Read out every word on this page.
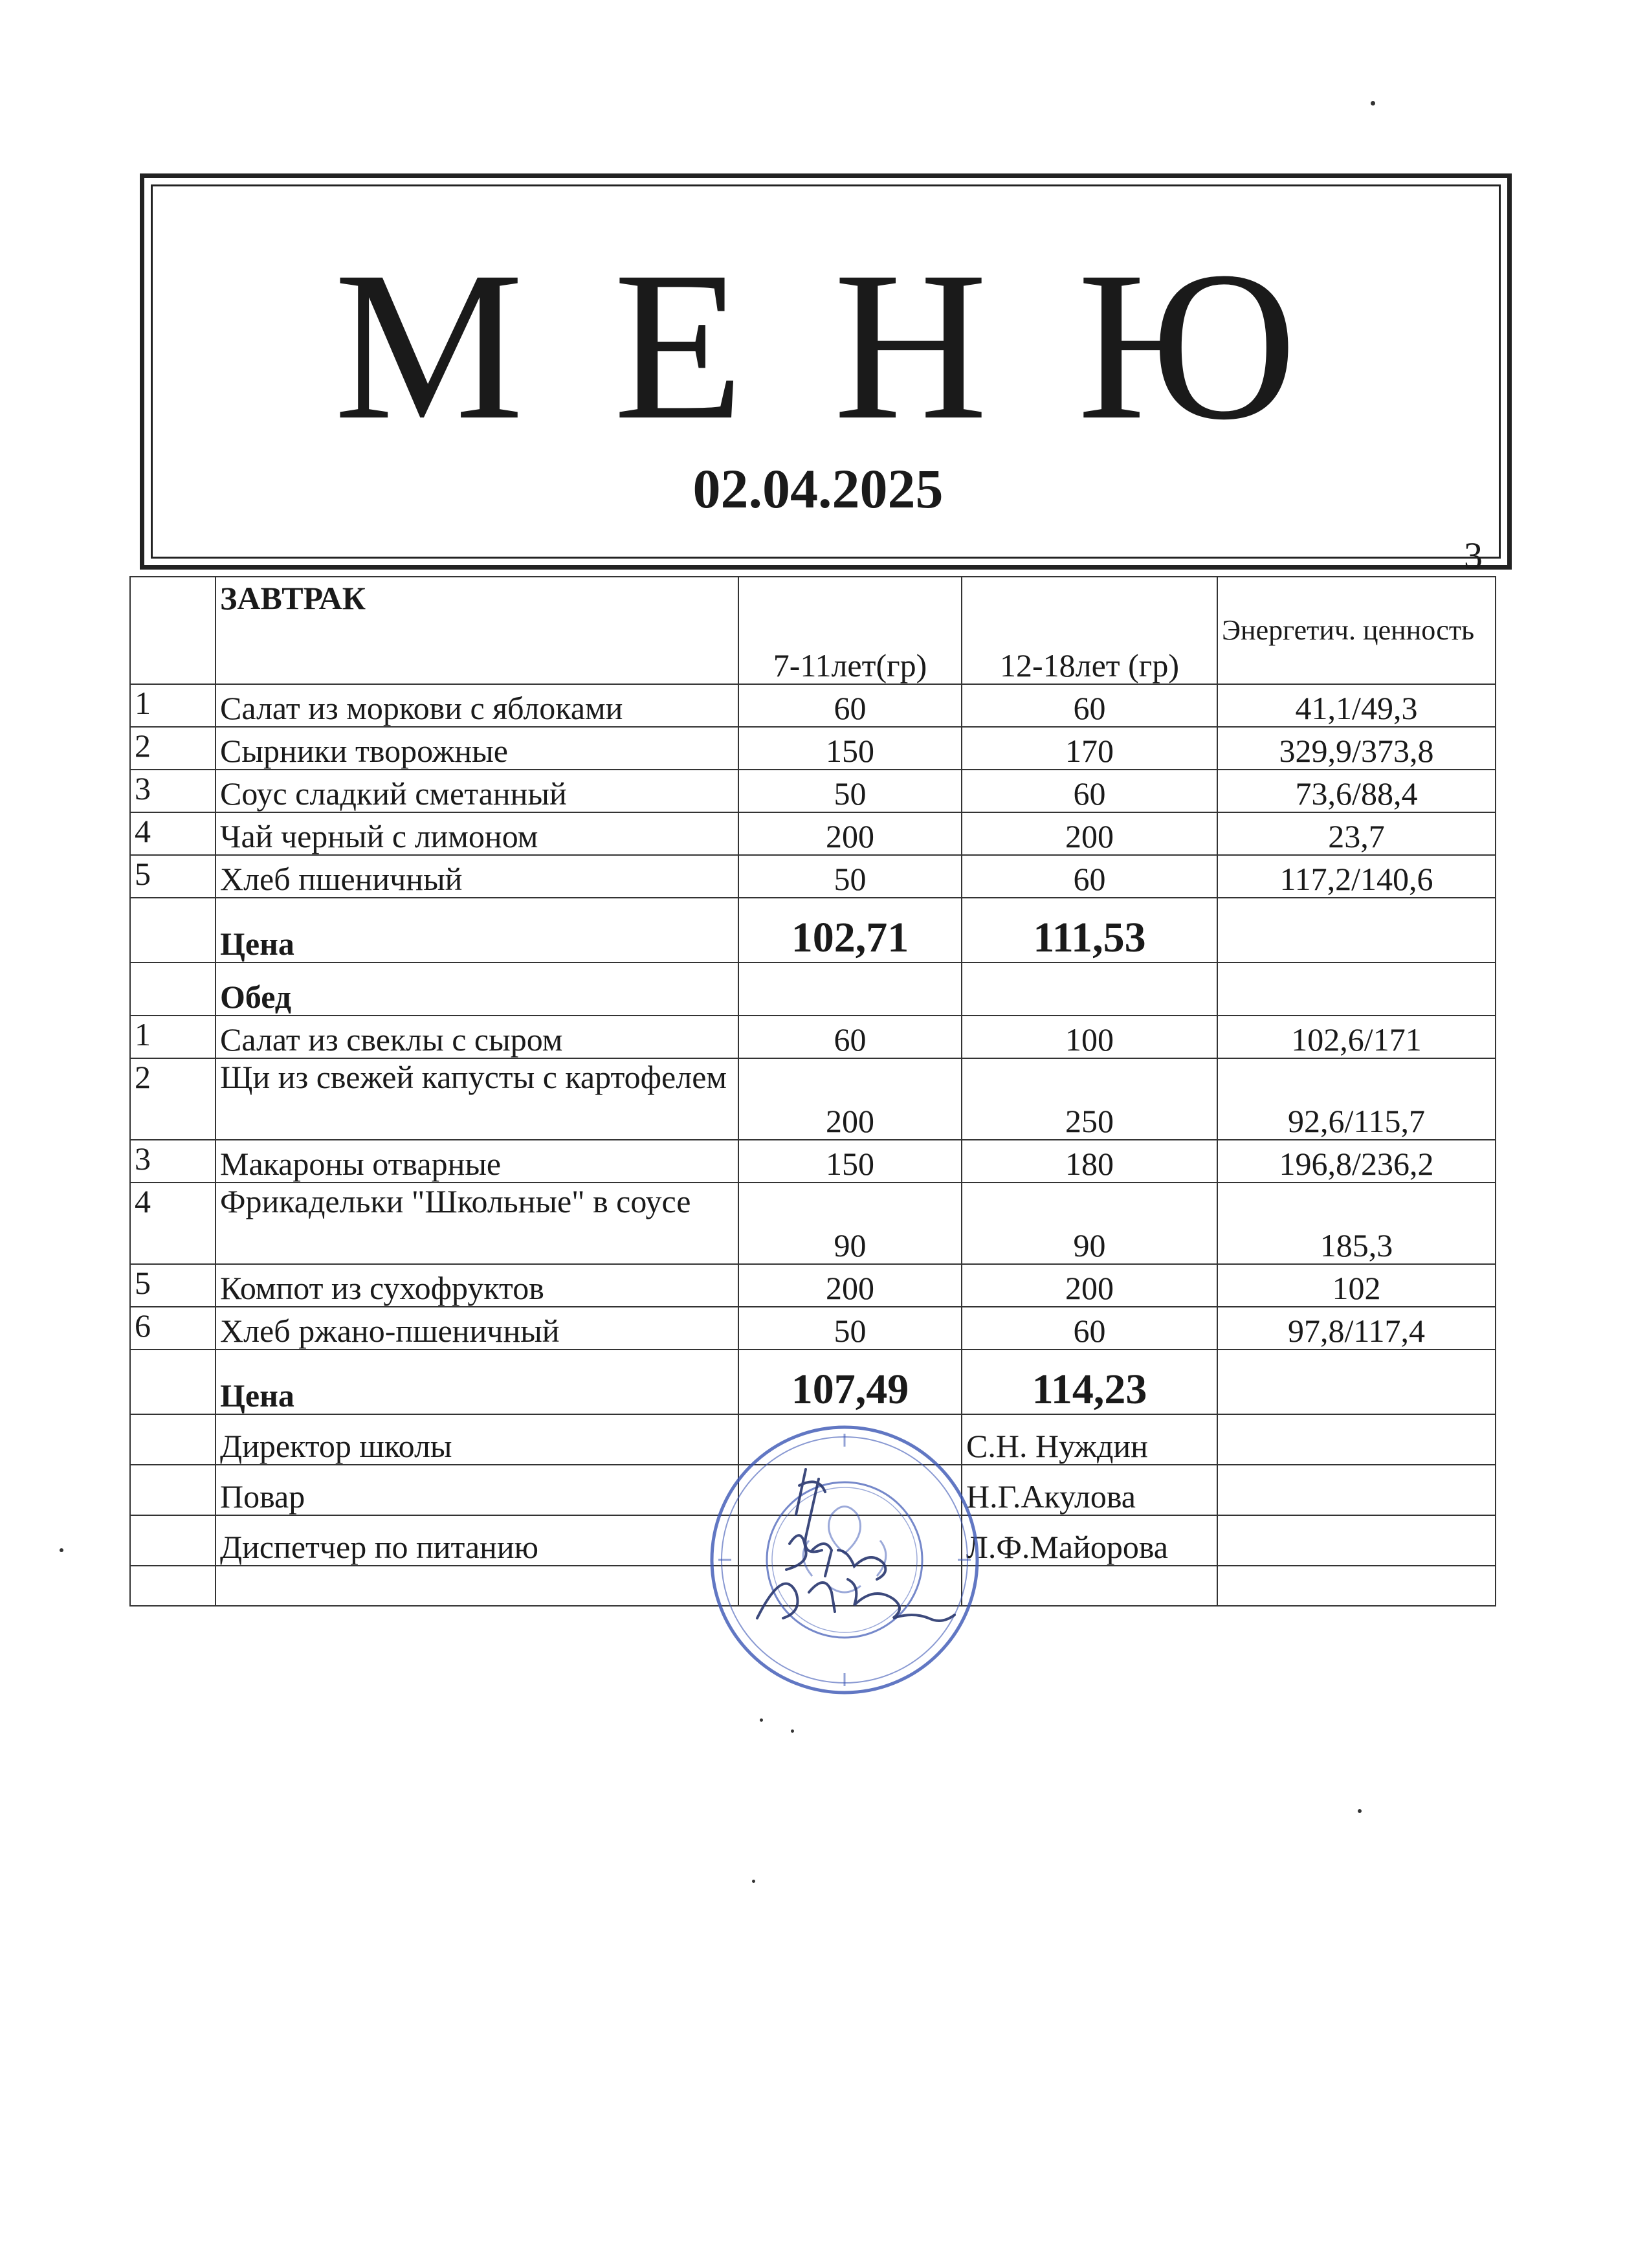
М Е Н Ю
02.04.2025
3
	ЗАВТРАК	7-11лет(гр)	12-18лет (гр)	Энергетич. ценность
1	Салат из моркови с яблоками	60	60	41,1/49,3
2	Сырники творожные	150	170	329,9/373,8
3	Соус сладкий сметанный	50	60	73,6/88,4
4	Чай черный с лимоном	200	200	23,7
5	Хлеб пшеничный	50	60	117,2/140,6
	Цена	102,71	111,53	
	Обед			
1	Салат из свеклы с сыром	60	100	102,6/171
2	Щи из свежей капусты с картофелем	200	250	92,6/115,7
3	Макароны отварные	150	180	196,8/236,2
4	Фрикадельки "Школьные" в соусе	90	90	185,3
5	Компот из сухофруктов	200	200	102
6	Хлеб ржано-пшеничный	50	60	97,8/117,4
	Цена	107,49	114,23	
	Директор школы		С.Н. Нуждин	
	Повар		Н.Г.Акулова	
	Диспетчер по питанию		Л.Ф.Майорова	
